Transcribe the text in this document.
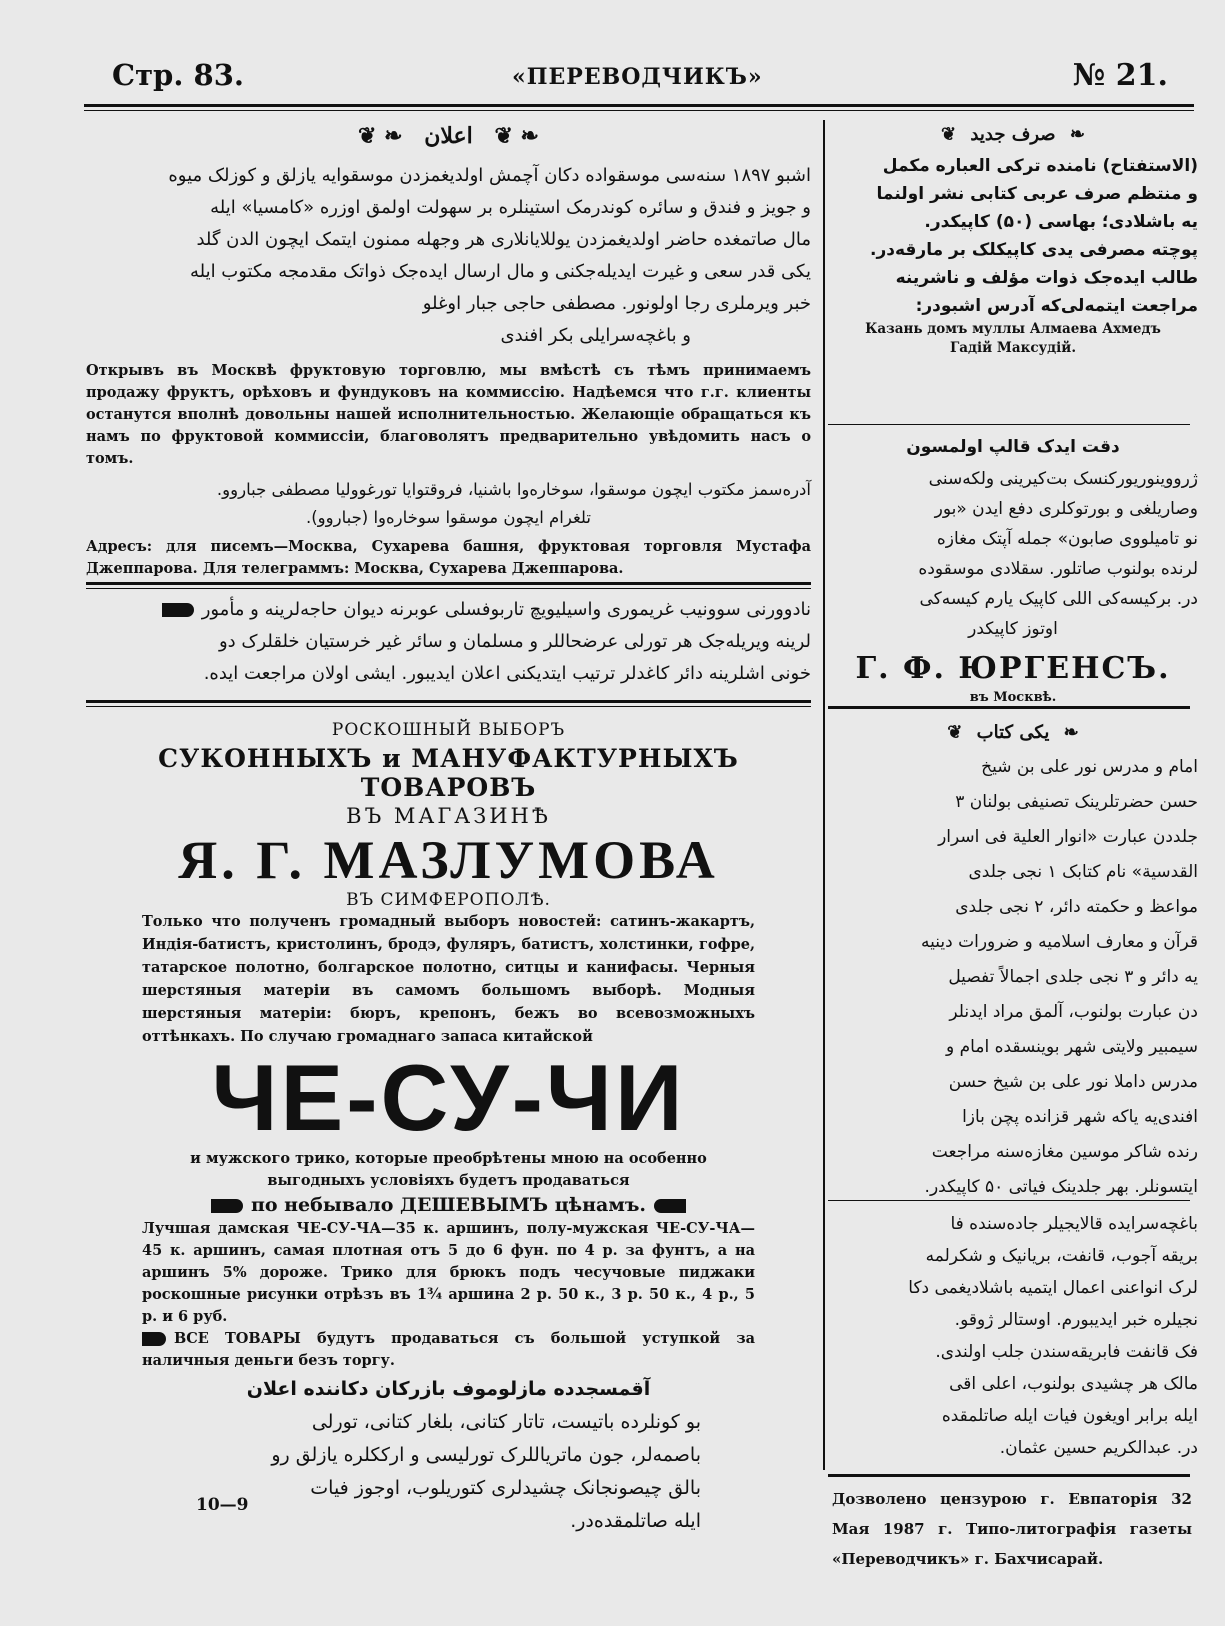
Стр. 83.	«ПЕРЕВОДЧИКЪ»	№ 21.
❦ ❧ اعلان ❦ ❧
اشبو ۱۸۹۷ سنه‌سی موسقواده دکان آچمش اولدیغمزدن موسقوایه یازلق و کوزلک میوه
و جویز و فندق و سائره کوندرمک استینلره بر سهولت اولمق اوزره «کامسیا» ایله
مال صاتمغده حاضر اولدیغمزدن یوللایانلاری هر وجهله ممنون ایتمک ایچون الدن گلد
یکی قدر سعی و غیرت ایدیله‌جکنی و مال ارسال ایده‌جک ذواتک مقدمجه مکتوب ایله
خبر ویرملری رجا اولونور. مصطفی حاجی جبار اوغلو
و باغچه‌سرایلی بکر افندی
Открывъ въ Москвѣ фруктовую торговлю, мы вмѣстѣ съ тѣмъ принимаемъ продажу фруктъ, орѣховъ и фундуковъ на коммиссію. Надѣемся что г.г. клиенты останутся вполнѣ довольны нашей исполнительностью. Желающіе обращаться къ намъ по фруктовой коммиссіи, благоволятъ предварительно увѣдомить насъ о томъ.
آدره‌سمز مکتوب ایچون موسقوا، سوخاره‌وا باشنیا، فروقتوایا تورغوولیا مصطفی جباروو.
تلغرام ایچون موسقوا سوخاره‌وا (جباروو).
Адресъ: для писемъ—Москва, Сухарева башня, фруктовая торговля Мустафа Джеппарова. Для телеграммъ: Москва, Сухарева Джеппарова.
نادوورنی سوونیب غریموری واسیلیویچ تاربوفسلی عوبرنه دیوان حاجه‌لرینه و مأمور
لرینه ویریله‌جک هر تورلی عرضحاللر و مسلمان و سائر غیر خرستیان خلقلرک دو
خونی اشلرینه دائر کاغدلر ترتیب ایتدیکنی اعلان ایدیبور. ایشی اولان مراجعت ایده.
РОСКОШНЫЙ ВЫБОРЪ
СУКОННЫХЪ и МАНУФАКТУРНЫХЪ ТОВАРОВЪ
ВЪ МАГАЗИНѢ
Я. Г. МАЗЛУМОВА
ВЪ СИМФЕРОПОЛѢ.
Только что полученъ громадный выборъ новостей: сатинъ-жакартъ, Индія-батистъ, кристолинъ, бродэ, фуляръ, батистъ, холстинки, гофре, татарское полотно, болгарское полотно, ситцы и канифасы. Черныя шерстяныя матеріи въ самомъ большомъ выборѣ. Модныя шерстяныя матеріи: бюръ, крепонъ, бежъ во всевозможныхъ оттѣнкахъ. По случаю громаднаго запаса китайской
ЧЕ-СУ-ЧИ
и мужского трико, которые преобрѣтены мною на особенно выгодныхъ условіяхъ будетъ продаваться
по небывало ДЕШЕВЫМЪ цѣнамъ.
Лучшая дамская ЧЕ-СУ-ЧА—35 к. аршинъ, полу-мужская ЧЕ-СУ-ЧА—45 к. аршинъ, самая плотная отъ 5 до 6 фун. по 4 р. за фунтъ, а на аршинъ 5% дороже. Трико для брюкъ подъ чесучовые пиджаки роскошные рисунки отрѣзъ въ 1¾ аршина 2 р. 50 к., 3 р. 50 к., 4 р., 5 р. и 6 руб.
ВСЕ ТОВАРЫ будутъ продаваться съ большой уступкой за наличныя деньги безъ торгу.
آقمسجدده مازلوموف بازرکان دکاننده اعلان
بو کونلرده باتیست، تاتار کتانی، بلغار کتانی، تورلی
باصمه‌لر، جون ماتریاللرک تورلیسی و ارککلره یازلق رو
بالق چیصونجانک چشیدلری کتوریلوب، اوجوز فیات
ایله صاتلمقده‌در.
10—9
❦ صرف جدید ❧
(الاستفتاح) نامنده ترکی العباره مکمل
و منتظم صرف عربی کتابی نشر اولنما
یه باشلادی؛ بهاسی (۵۰) کاپیکدر.
پوچته مصرفی یدی کاپیکلک بر مارقه‌در.
طالب ایده‌جک ذوات مؤلف و ناشرینه
مراجعت ایتمه‌لی‌که آدرس اشبودر:
Казань домъ муллы Алмаева Ахмедъ Гадій Максудій.
دقت ایدک قالپ اولمسون
ژرووینوریورکنسک بت‌کیرینی ولکه‌سنی
وصاریلغی و بورتوکلری دفع ایدن «بور
نو تامیلووی صابون» جمله آپتک مغازه
لرنده بولنوب صاتلور. سقلادی موسقوده
در. برکیسه‌کی اللی کاپیک یارم کیسه‌کی
اوتوز کاپیکدر
Г. Ф. ЮРГЕНСЪ.
въ Москвѣ.
❦ یکی کتاب ❧
امام و مدرس نور علی بن شیخ
حسن حضرتلرینک تصنیفی بولنان ۳
جلددن عبارت «انوار العلیة فی اسرار
القدسیة» نام کتابک ۱ نجی جلدی
مواعظ و حکمته دائر، ۲ نجی جلدی
قرآن و معارف اسلامیه و ضرورات دینیه
یه دائر و ۳ نجی جلدی اجمالاً تفصیل
دن عبارت بولنوب، آلمق مراد ایدنلر
سیمبیر ولایتی شهر بوینسقده امام و
مدرس داملا نور علی بن شیخ حسن
افندی‌یه یاکه شهر قزانده پچن بازا
رنده شاکر موسین مغازه‌سنه مراجعت
ایتسونلر. بهر جلدینک فیاتی ۵۰ کاپیکدر.
باغچه‌سرایده قالایجیلر جاده‌سنده فا
بریقه آجوب، قانفت، بریانیک و شکرلمه
لرک انواعنی اعمال ایتمیه باشلادیغمی دکا
نجیلره خبر ایدیبورم. اوستالر ژوقو.
فک قانفت فابریقه‌سندن جلب اولندی.
مالک هر چشیدی بولنوب، اعلی اقی
ایله برابر اویغون فیات ایله صاتلمقده
در. عبدالکریم حسین عثمان.
Дозволено цензурою г. Евпаторія 32 Мая 1987 г. Типо-литографія газеты «Переводчикъ» г. Бахчисарай.
